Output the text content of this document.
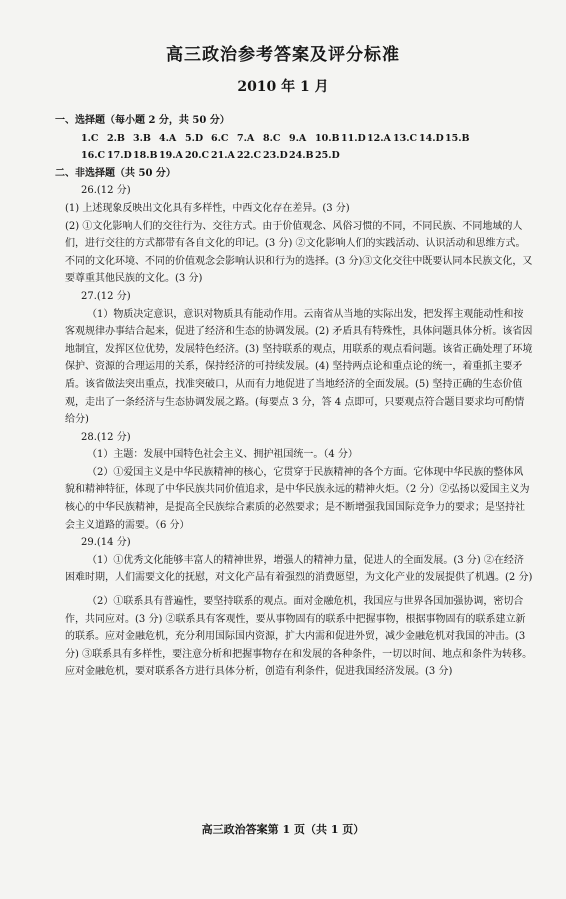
高三政治参考答案及评分标准
2010 年 1 月

一、选择题（每小题 2 分，共 50 分）

1.C 2.B 3.B 4.A 5.D 6.C 7.A 8.C 9.A 10.B 11.D 12.A 13.C 14.D 15.B
16.C 17.D 18.B 19.A 20.C 21.A 22.C 23.D 24.B 25.D

二、非选择题（共 50 分）

26.(12 分)

(1) 上述现象反映出文化具有多样性，中西文化存在差异。(3 分)

(2) ①文化影响人们的交往行为、交往方式。由于价值观念、风俗习惯的不同，不同民族、不同地域的人们，进行交往的方式都带有各自文化的印记。(3 分) ②文化影响人们的实践活动、认识活动和思维方式。不同的文化环境、不同的价值观念会影响认识和行为的选择。(3 分)③文化交往中既要认同本民族文化，又要尊重其他民族的文化。(3 分)

27.(12 分)

（1）物质决定意识，意识对物质具有能动作用。云南省从当地的实际出发，把发挥主观能动性和按客观规律办事结合起来，促进了经济和生态的协调发展。(2) 矛盾具有特殊性，具体问题具体分析。该省因地制宜，发挥区位优势，发展特色经济。(3) 坚持联系的观点，用联系的观点看问题。该省正确处理了环境保护、资源的合理运用的关系，保持经济的可持续发展。(4) 坚持两点论和重点论的统一，着重抓主要矛盾。该省做法突出重点，找准突破口，从而有力地促进了当地经济的全面发展。(5) 坚持正确的生态价值观，走出了一条经济与生态协调发展之路。(每要点 3 分，答 4 点即可，只要观点符合题目要求均可酌情给分)

28.(12 分)

（1）主题：发展中国特色社会主义、拥护祖国统一。（4 分）

（2）①爱国主义是中华民族精神的核心，它贯穿于民族精神的各个方面。它体现中华民族的整体风貌和精神特征，体现了中华民族共同价值追求，是中华民族永远的精神火炬。（2 分）②弘扬以爱国主义为核心的中华民族精神，是提高全民族综合素质的必然要求；是不断增强我国国际竞争力的要求；是坚持社会主义道路的需要。（6 分）

29.(14 分)

（1）①优秀文化能够丰富人的精神世界，增强人的精神力量，促进人的全面发展。(3 分) ②在经济困难时期，人们需要文化的抚慰，对文化产品有着强烈的消费愿望，为文化产业的发展提供了机遇。(2 分)

（2）①联系具有普遍性，要坚持联系的观点。面对金融危机，我国应与世界各国加强协调，密切合作，共同应对。(3 分) ②联系具有客观性，要从事物固有的联系中把握事物，根据事物固有的联系建立新的联系。应对金融危机，充分利用国际国内资源，扩大内需和促进外贸，减少金融危机对我国的冲击。(3 分) ③联系具有多样性，要注意分析和把握事物存在和发展的各种条件，一切以时间、地点和条件为转移。应对金融危机，要对联系各方进行具体分析，创造有利条件，促进我国经济发展。(3 分)

高三政治答案第 1 页（共 1 页）
